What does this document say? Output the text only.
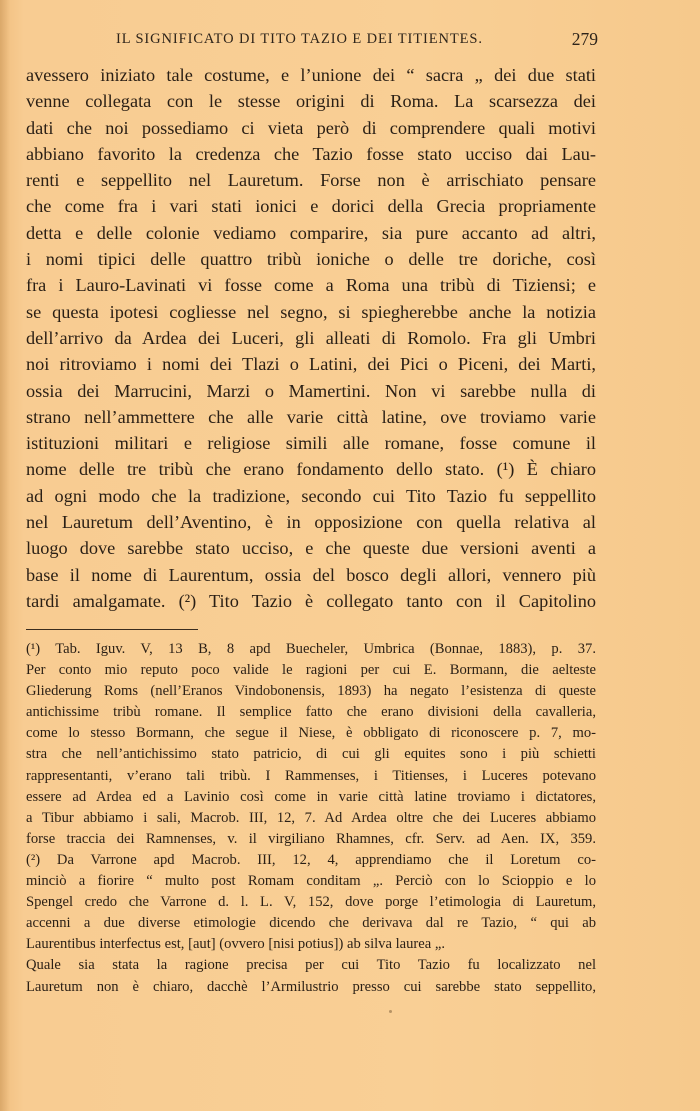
IL SIGNIFICATO DI TITO TAZIO E DEI TITIENTES.	279
avessero iniziato tale costume, e l’unione dei “ sacra „ dei due stati
venne collegata con le stesse origini di Roma. La scarsezza dei
dati che noi possediamo ci vieta però di comprendere quali motivi
abbiano favorito la credenza che Tazio fosse stato ucciso dai Lau-
renti e seppellito nel Lauretum. Forse non è arrischiato pensare
che come fra i vari stati ionici e dorici della Grecia propriamente
detta e delle colonie vediamo comparire, sia pure accanto ad altri,
i nomi tipici delle quattro tribù ioniche o delle tre doriche, così
fra i Lauro-Lavinati vi fosse come a Roma una tribù di Tiziensi; e
se questa ipotesi cogliesse nel segno, si spiegherebbe anche la notizia
dell’arrivo da Ardea dei Luceri, gli alleati di Romolo. Fra gli Umbri
noi ritroviamo i nomi dei Tlazi o Latini, dei Pici o Piceni, dei Marti,
ossia dei Marrucini, Marzi o Mamertini. Non vi sarebbe nulla di
strano nell’ammettere che alle varie città latine, ove troviamo varie
istituzioni militari e religiose simili alle romane, fosse comune il
nome delle tre tribù che erano fondamento dello stato. (¹) È chiaro
ad ogni modo che la tradizione, secondo cui Tito Tazio fu seppellito
nel Lauretum dell’Aventino, è in opposizione con quella relativa al
luogo dove sarebbe stato ucciso, e che queste due versioni aventi a
base il nome di Laurentum, ossia del bosco degli allori, vennero più
tardi amalgamate. (²) Tito Tazio è collegato tanto con il Capitolino
(¹) Tab. Iguv. V, 13 B, 8 apd Buecheler, Umbrica (Bonnae, 1883), p. 37.
Per conto mio reputo poco valide le ragioni per cui E. Bormann, die aelteste
Gliederung Roms (nell’Eranos Vindobonensis, 1893) ha negato l’esistenza di queste
antichissime tribù romane. Il semplice fatto che erano divisioni della cavalleria,
come lo stesso Bormann, che segue il Niese, è obbligato di riconoscere p. 7, mo-
stra che nell’antichissimo stato patricio, di cui gli equites sono i più schietti
rappresentanti, v’erano tali tribù. I Rammenses, i Titienses, i Luceres potevano
essere ad Ardea ed a Lavinio così come in varie città latine troviamo i dictatores,
a Tibur abbiamo i sali, Macrob. III, 12, 7. Ad Ardea oltre che dei Luceres abbiamo
forse traccia dei Ramnenses, v. il virgiliano Rhamnes, cfr. Serv. ad Aen. IX, 359.
(²) Da Varrone apd Macrob. III, 12, 4, apprendiamo che il Loretum co-
minciò a fiorire “ multo post Romam conditam „. Perciò con lo Scioppio e lo
Spengel credo che Varrone d. l. L. V, 152, dove porge l’etimologia di Lauretum,
accenni a due diverse etimologie dicendo che derivava dal re Tazio, “ qui ab
Laurentibus interfectus est, [aut] (ovvero [nisi potius]) ab silva laurea „.
Quale sia stata la ragione precisa per cui Tito Tazio fu localizzato nel
Lauretum non è chiaro, dacchè l’Armilustrio presso cui sarebbe stato seppellito,
